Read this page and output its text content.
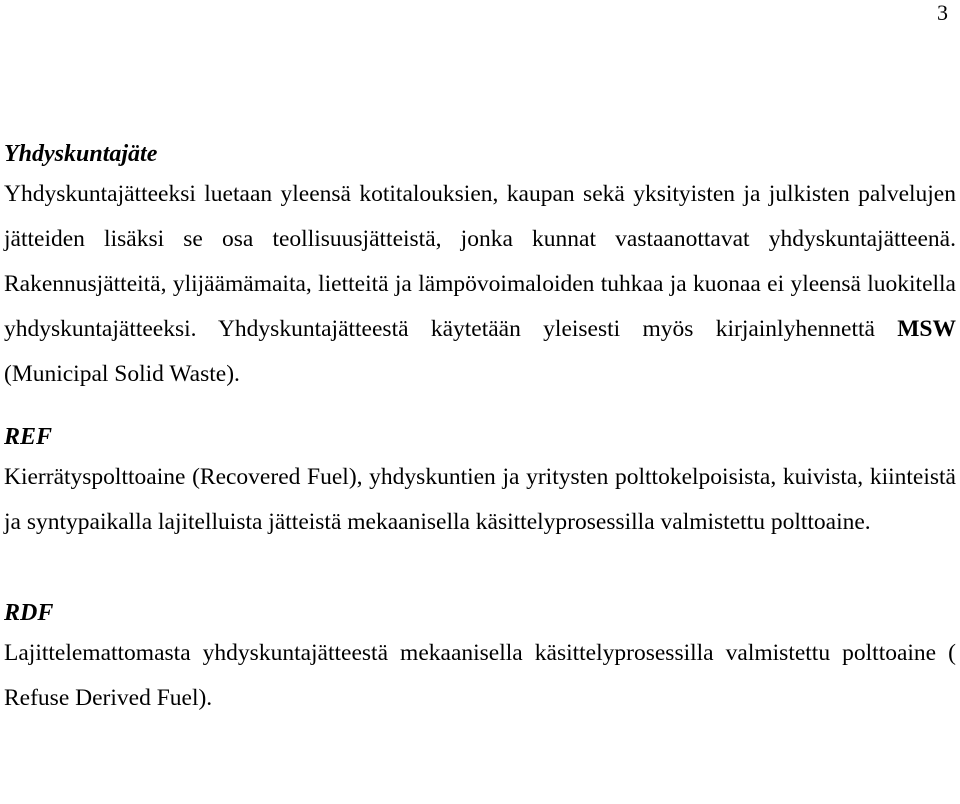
3
Yhdyskuntajäte

Yhdyskuntajätteeksi luetaan yleensä kotitalouksien, kaupan sekä yksityisten ja julkisten palvelujen jätteiden lisäksi se osa teollisuusjätteistä, jonka kunnat vastaanottavat yhdyskuntajätteenä. Rakennusjätteitä, ylijäämämaita, lietteitä ja lämpövoimaloiden tuhkaa ja kuonaa ei yleensä luokitella yhdyskuntajätteeksi. Yhdyskuntajätteestä käytetään yleisesti myös kirjainlyhennettä MSW (Municipal Solid Waste).

REF

Kierrätyspolttoaine (Recovered Fuel), yhdyskuntien ja yritysten polttokelpoisista, kuivista, kiinteistä ja syntypaikalla lajitelluista jätteistä mekaanisella käsittelyprosessilla valmistettu polttoaine.

RDF

Lajittelemattomasta yhdyskuntajätteestä mekaanisella käsittelyprosessilla valmistettu polttoaine ( Refuse Derived Fuel).
